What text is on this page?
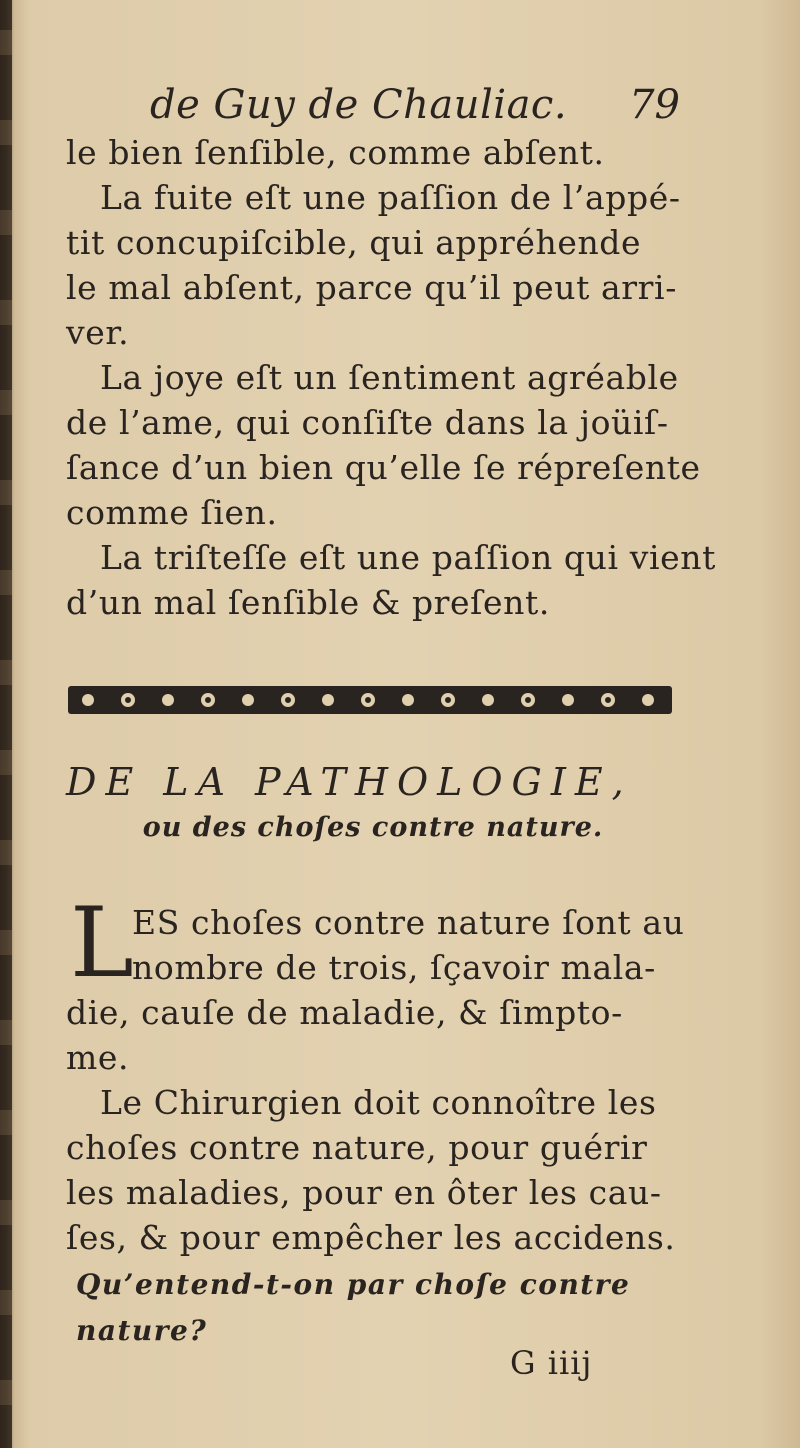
de Guy de Chauliac. 79
le bien ſenſible, comme abſent.
La fuite eſt une paſſion de l’appé-
tit concupiſcible, qui appréhende
le mal abſent, parce qu’il peut arri-
ver.
La joye eſt un ſentiment agréable
de l’ame, qui conſiſte dans la joüiſ-
ſance d’un bien qu’elle ſe répreſente
comme ſien.
La triſteſſe eſt une paſſion qui vient
d’un mal ſenſible & preſent.
DE LA PATHOLOGIE,
ou des choſes contre nature.
L
ES choſes contre nature ſont au
nombre de trois, ſçavoir mala-
die, cauſe de maladie, & ſimpto-
me.
Le Chirurgien doit connoître les
choſes contre nature, pour guérir
les maladies, pour en ôter les cau-
ſes, & pour empêcher les accidens.
Qu’entend-t-on par choſe contre
nature?
G iiij
